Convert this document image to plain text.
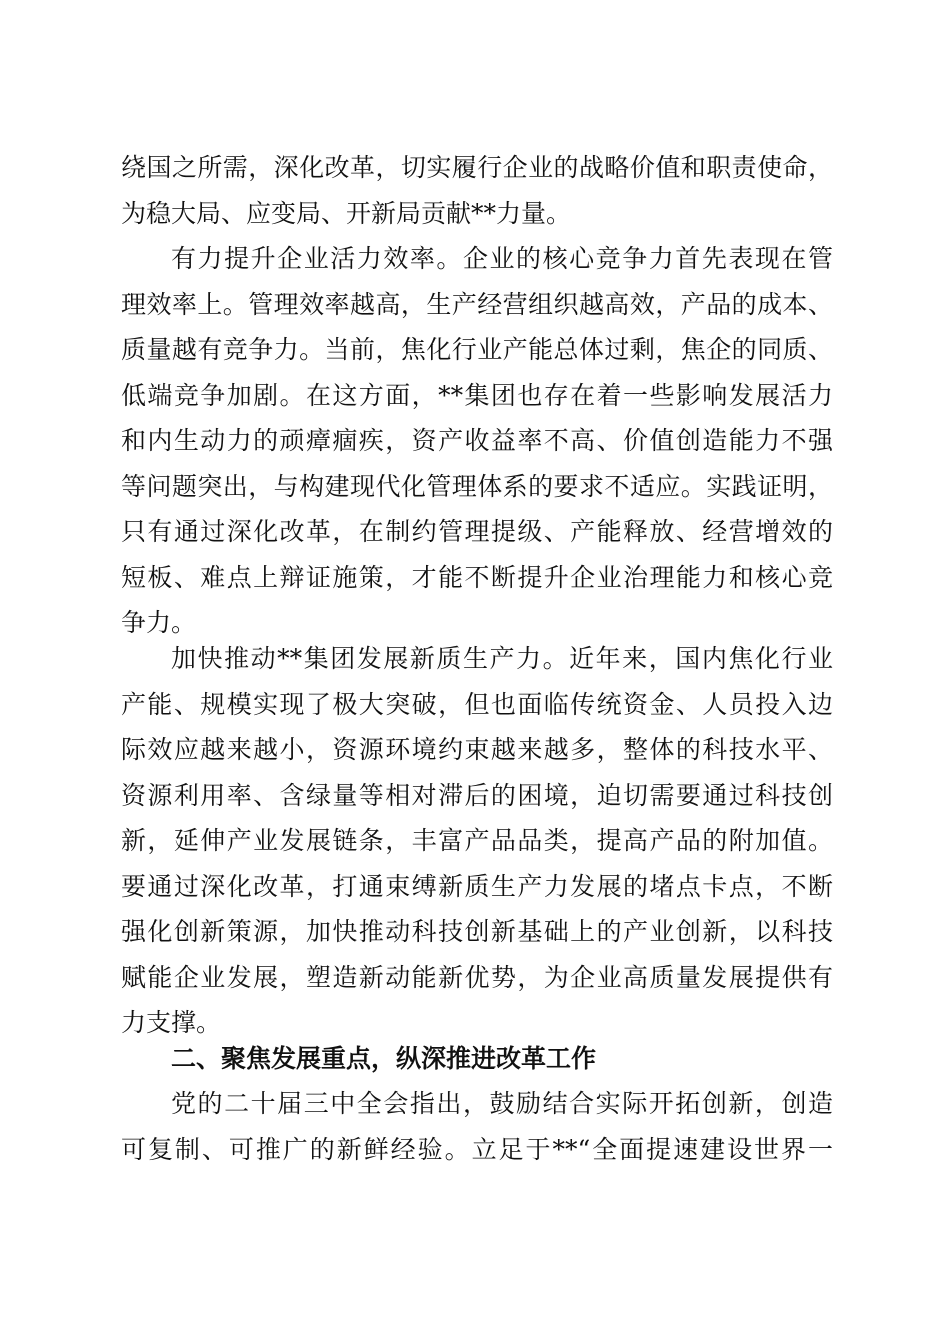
绕国之所需，深化改革，切实履行企业的战略价值和职责使命，
为稳大局、应变局、开新局贡献**力量。
有力提升企业活力效率。企业的核心竞争力首先表现在管
理效率上。管理效率越高，生产经营组织越高效，产品的成本、
质量越有竞争力。当前，焦化行业产能总体过剩，焦企的同质、
低端竞争加剧。在这方面，**集团也存在着一些影响发展活力
和内生动力的顽瘴痼疾，资产收益率不高、价值创造能力不强
等问题突出，与构建现代化管理体系的要求不适应。实践证明，
只有通过深化改革，在制约管理提级、产能释放、经营增效的
短板、难点上辩证施策，才能不断提升企业治理能力和核心竞
争力。
加快推动**集团发展新质生产力。近年来，国内焦化行业
产能、规模实现了极大突破，但也面临传统资金、人员投入边
际效应越来越小，资源环境约束越来越多，整体的科技水平、
资源利用率、含绿量等相对滞后的困境，迫切需要通过科技创
新，延伸产业发展链条，丰富产品品类，提高产品的附加值。
要通过深化改革，打通束缚新质生产力发展的堵点卡点，不断
强化创新策源，加快推动科技创新基础上的产业创新，以科技
赋能企业发展，塑造新动能新优势，为企业高质量发展提供有
力支撑。
二、聚焦发展重点，纵深推进改革工作
党的二十届三中全会指出，鼓励结合实际开拓创新，创造
可复制、可推广的新鲜经验。立足于**“全面提速建设世界一
